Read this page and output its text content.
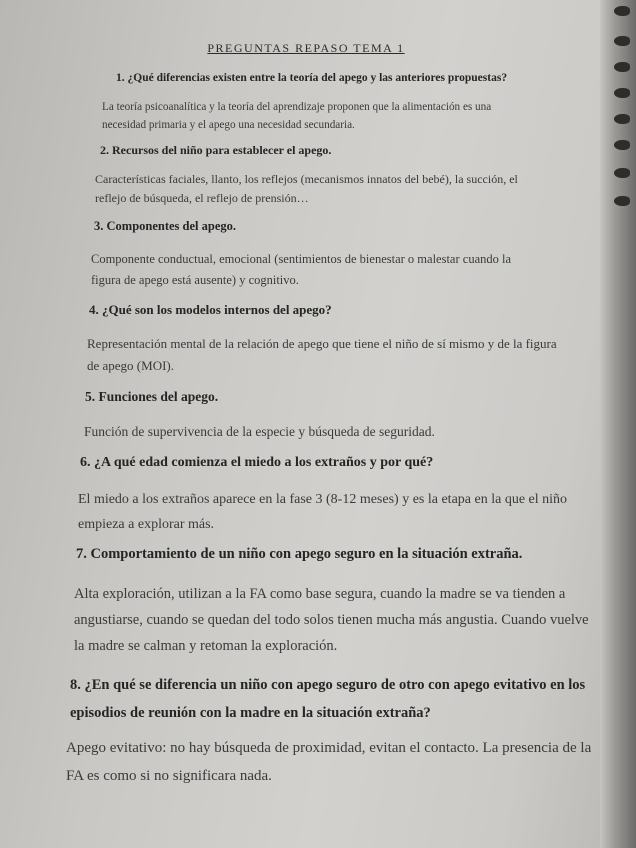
PREGUNTAS REPASO TEMA 1
1. ¿Qué diferencias existen entre la teoría del apego y las anteriores propuestas?
La teoría psicoanalítica y la teoría del aprendizaje proponen que la alimentación es una
necesidad primaria y el apego una necesidad secundaria.
2. Recursos del niño para establecer el apego.
Características faciales, llanto, los reflejos (mecanismos innatos del bebé), la succión, el
reflejo de búsqueda, el reflejo de prensión…
3. Componentes del apego.
Componente conductual, emocional (sentimientos de bienestar o malestar cuando la
figura de apego está ausente) y cognitivo.
4. ¿Qué son los modelos internos del apego?
Representación mental de la relación de apego que tiene el niño de sí mismo y de la figura
de apego (MOI).
5. Funciones del apego.
Función de supervivencia de la especie y búsqueda de seguridad.
6. ¿A qué edad comienza el miedo a los extraños y por qué?
El miedo a los extraños aparece en la fase 3 (8-12 meses) y es la etapa en la que el niño
empieza a explorar más.
7. Comportamiento de un niño con apego seguro en la situación extraña.
Alta exploración, utilizan a la FA como base segura, cuando la madre se va tienden a
angustiarse, cuando se quedan del todo solos tienen mucha más angustia. Cuando vuelve
la madre se calman y retoman la exploración.
8. ¿En qué se diferencia un niño con apego seguro de otro con apego evitativo en los
episodios de reunión con la madre en la situación extraña?
Apego evitativo: no hay búsqueda de proximidad, evitan el contacto. La presencia de la
FA es como si no significara nada.
